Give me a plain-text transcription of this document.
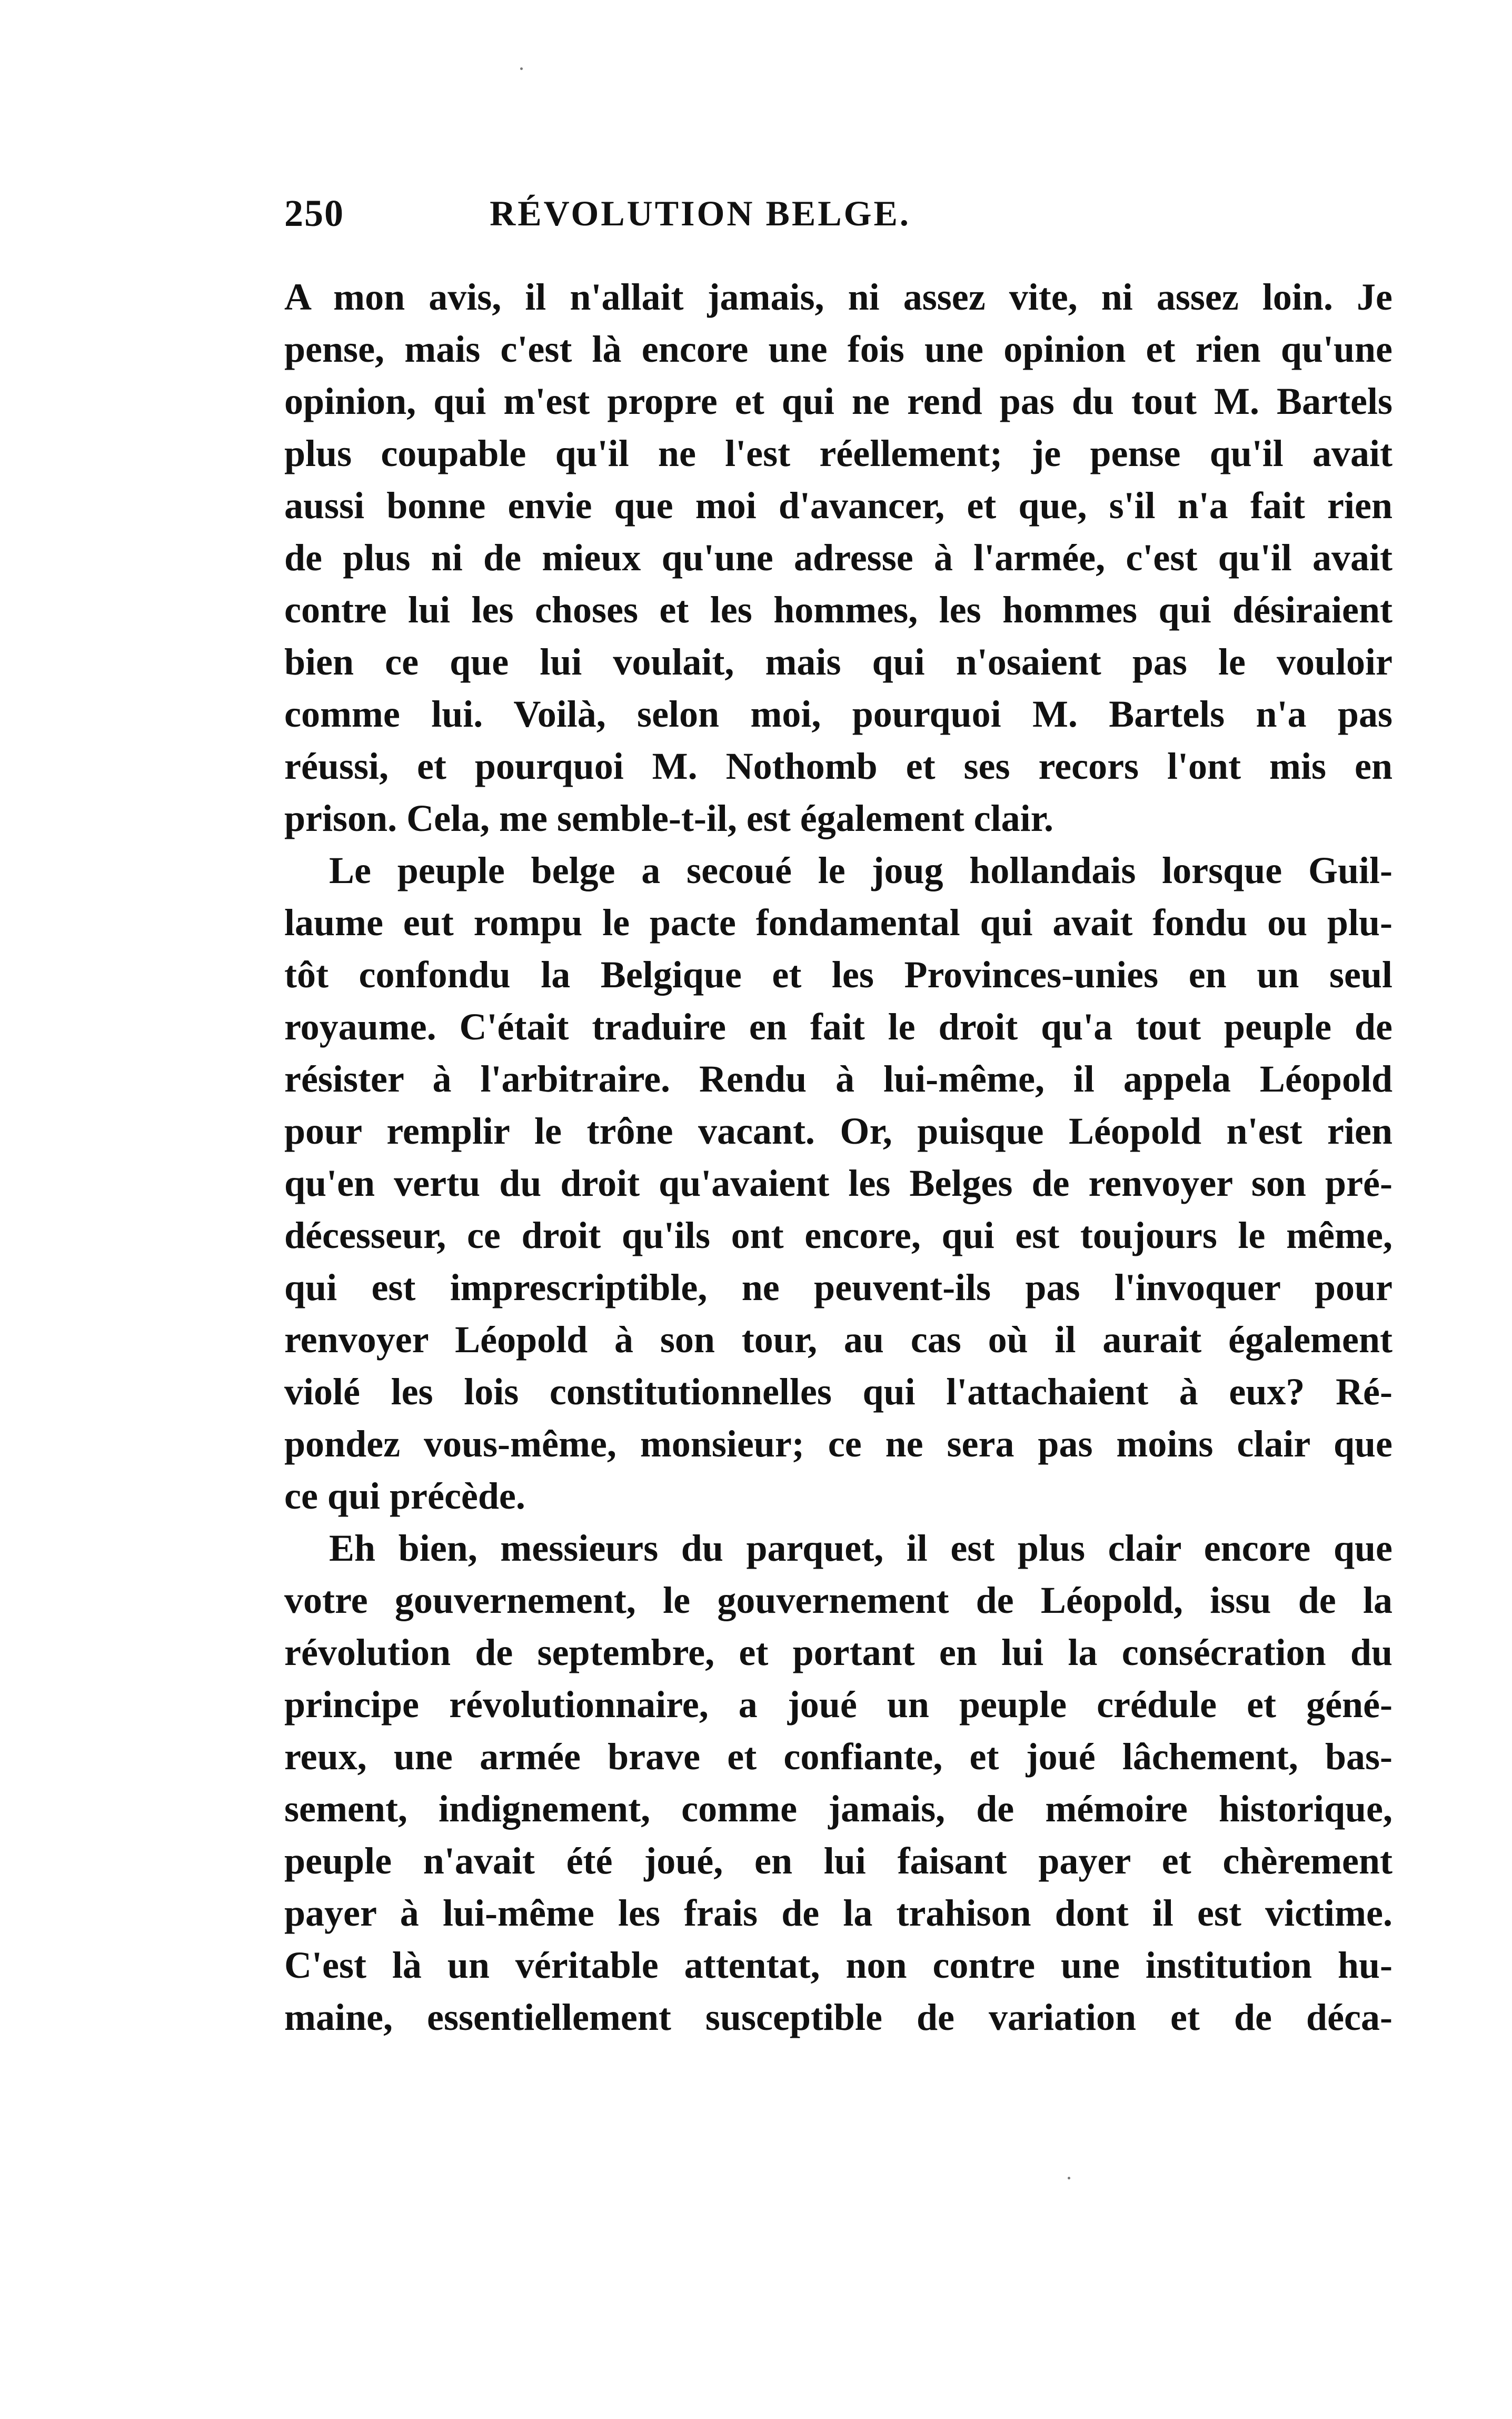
250	RÉVOLUTION BELGE.
A mon avis, il n'allait jamais, ni assez vite, ni assez loin. Je
pense, mais c'est là encore une fois une opinion et rien qu'une
opinion, qui m'est propre et qui ne rend pas du tout M. Bartels
plus coupable qu'il ne l'est réellement; je pense qu'il avait
aussi bonne envie que moi d'avancer, et que, s'il n'a fait rien
de plus ni de mieux qu'une adresse à l'armée, c'est qu'il avait
contre lui les choses et les hommes, les hommes qui désiraient
bien ce que lui voulait, mais qui n'osaient pas le vouloir
comme lui. Voilà, selon moi, pourquoi M. Bartels n'a pas
réussi, et pourquoi M. Nothomb et ses recors l'ont mis en
prison. Cela, me semble-t-il, est également clair.
Le peuple belge a secoué le joug hollandais lorsque Guil-
laume eut rompu le pacte fondamental qui avait fondu ou plu-
tôt confondu la Belgique et les Provinces-unies en un seul
royaume. C'était traduire en fait le droit qu'a tout peuple de
résister à l'arbitraire. Rendu à lui-même, il appela Léopold
pour remplir le trône vacant. Or, puisque Léopold n'est rien
qu'en vertu du droit qu'avaient les Belges de renvoyer son pré-
décesseur, ce droit qu'ils ont encore, qui est toujours le même,
qui est imprescriptible, ne peuvent-ils pas l'invoquer pour
renvoyer Léopold à son tour, au cas où il aurait également
violé les lois constitutionnelles qui l'attachaient à eux? Ré-
pondez vous-même, monsieur; ce ne sera pas moins clair que
ce qui précède.
Eh bien, messieurs du parquet, il est plus clair encore que
votre gouvernement, le gouvernement de Léopold, issu de la
révolution de septembre, et portant en lui la consécration du
principe révolutionnaire, a joué un peuple crédule et géné-
reux, une armée brave et confiante, et joué lâchement, bas-
sement, indignement, comme jamais, de mémoire historique,
peuple n'avait été joué, en lui faisant payer et chèrement
payer à lui-même les frais de la trahison dont il est victime.
C'est là un véritable attentat, non contre une institution hu-
maine, essentiellement susceptible de variation et de déca-
